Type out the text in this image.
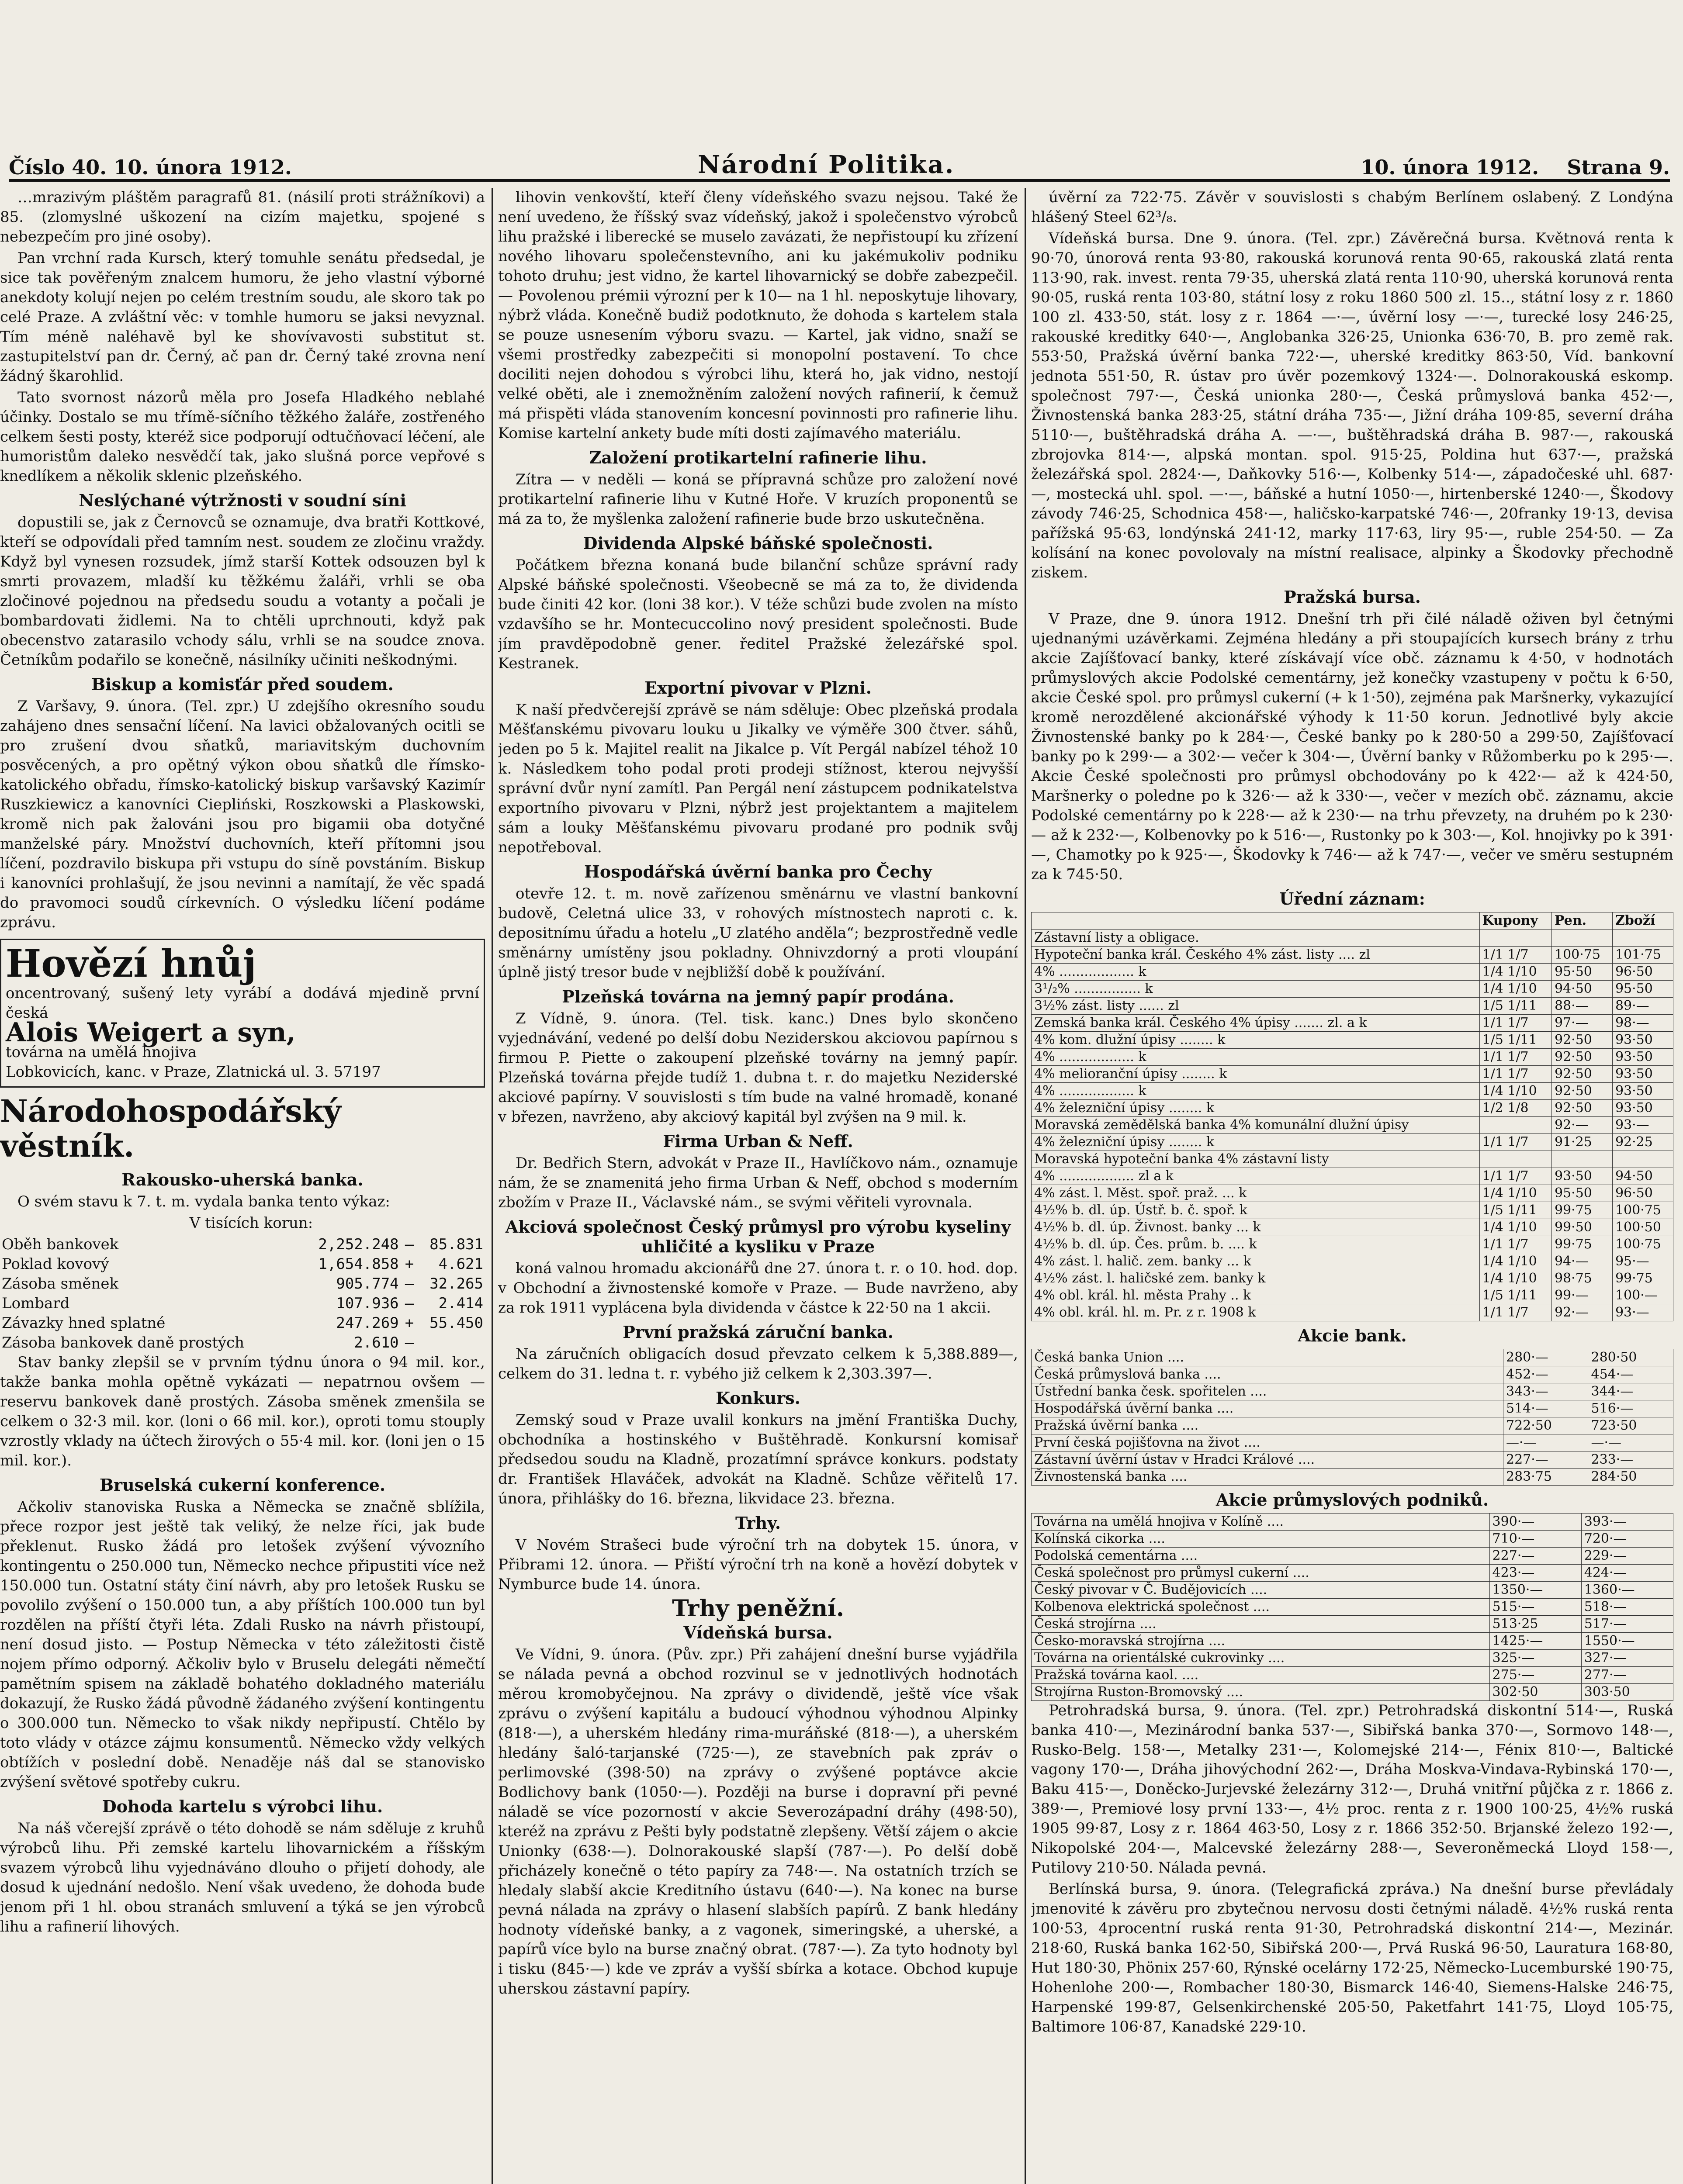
Číslo 40. 10. února 1912.	Národní Politika.	10. února 1912. Strana 9.

…mrazivým pláštěm paragrafů 81. (násilí proti strážníkovi) a 85. (zlomyslné uškození na cizím majetku, spojené s nebezpečím pro jiné osoby).

Pan vrchní rada Kursch, který tomuhle senátu předsedal, je sice tak pověřeným znalcem humoru, že jeho vlastní výborné anekdoty kolují nejen po celém trestním soudu, ale skoro tak po celé Praze. A zvláštní věc: v tomhle humoru se jaksi nevyznal. Tím méně naléhavě byl ke shovívavosti substitut st. zastupitelství pan dr. Černý, ač pan dr. Černý také zrovna není žádný škarohlid.

Tato svornost názorů měla pro Josefa Hladkého neblahé účinky. Dostalo se mu třímě-síčního těžkého žaláře, zostřeného celkem šesti posty, kteréž sice podporují odtučňovací léčení, ale humoristům daleko nesvědčí tak, jako slušná porce vepřové s knedlíkem a několik sklenic plzeňského.

Neslýchané výtržnosti v soudní síni

dopustili se, jak z Černovců se oznamuje, dva bratři Kottkové, kteří se odpovídali před tamním nest. soudem ze zločinu vraždy. Když byl vynesen rozsudek, jímž starší Kottek odsouzen byl k smrti provazem, mladší ku těžkému žaláři, vrhli se oba zločinové pojednou na předsedu soudu a votanty a počali je bombardovati židlemi. Na to chtěli uprchnouti, když pak obecenstvo zatarasilo vchody sálu, vrhli se na soudce znova. Četníkům podařilo se konečně, násilníky učiniti neškodnými.

Biskup a komisťár před soudem.

Z Varšavy, 9. února. (Tel. zpr.) U zdejšího okresního soudu zahájeno dnes sensační líčení. Na lavici obžalovaných ocitli se pro zrušení dvou sňatků, mariavitským duchovním posvěcených, a pro opětný výkon obou sňatků dle římsko-katolického obřadu, římsko-katolický biskup varšavský Kazimír Ruszkiewicz a kanovníci Ciepliński, Roszkowski a Plaskowski, kromě nich pak žalováni jsou pro bigamii oba dotyčné manželské páry. Množství duchovních, kteří přítomni jsou líčení, pozdravilo biskupa při vstupu do síně povstáním. Biskup i kanovníci prohlašují, že jsou nevinni a namítají, že věc spadá do pravomoci soudů církevních. O výsledku líčení podáme zprávu.

Hovězí hnůj
oncentrovaný, sušený lety vyrábí a dodává mjedině první česká
Alois Weigert a syn,
továrna na umělá hnojiva
Lobkovicích, kanc. v Praze, Zlatnická ul. 3. 57197

Národohospodářský věstník.

Rakousko-uherská banka.

O svém stavu k 7. t. m. vydala banka tento výkaz:

V tisících korun:

Oběh bankovek	2,252.248	—	85.831
Poklad kovový	1,654.858	+	4.621
Zásoba směnek	905.774	—	32.265
Lombard	107.936	—	2.414
Závazky hned splatné	247.269	+	55.450
Zásoba bankovek daně prostých	2.610	—	

Stav banky zlepšil se v prvním týdnu února o 94 mil. kor., takže banka mohla opětně vykázati — nepatrnou ovšem — reservu bankovek daně prostých. Zásoba směnek zmenšila se celkem o 32·3 mil. kor. (loni o 66 mil. kor.), oproti tomu stouply vzrostly vklady na účtech žirových o 55·4 mil. kor. (loni jen o 15 mil. kor.).

Bruselská cukerní konference.

Ačkoliv stanoviska Ruska a Německa se značně sblížila, přece rozpor jest ještě tak veliký, že nelze říci, jak bude překlenut. Rusko žádá pro letošek zvýšení vývozního kontingentu o 250.000 tun, Německo nechce připustiti více než 150.000 tun. Ostatní státy činí návrh, aby pro letošek Rusku se povolilo zvýšení o 150.000 tun, a aby příštích 100.000 tun byl rozdělen na příští čtyři léta. Zdali Rusko na návrh přistoupí, není dosud jisto. — Postup Německa v této záležitosti čistě nojem přímo odporný. Ačkoliv bylo v Bruselu delegáti němečtí pamětním spisem na základě bohatého dokladného materiálu dokazují, že Rusko žádá původně žádaného zvýšení kontingentu o 300.000 tun. Německo to však nikdy nepřipustí. Chtělo by toto vlády v otázce zájmu konsumentů. Německo vždy velkých obtížích v poslední době. Nenaděje náš dal se stanovisko zvýšení světové spotřeby cukru.

Dohoda kartelu s výrobci lihu.

Na náš včerejší zprávě o této dohodě se nám sděluje z kruhů výrobců lihu. Při zemské kartelu lihovarnickém a říšským svazem výrobců lihu vyjednáváno dlouho o přijetí dohody, ale dosud k ujednání nedošlo. Není však uvedeno, že dohoda bude jenom při 1 hl. obou stranách smluvení a týká se jen výrobců lihu a rafinerií lihových.

lihovin venkovští, kteří členy vídeňského svazu nejsou. Také že není uvedeno, že říšský svaz vídeňský, jakož i společenstvo výrobců lihu pražské i liberecké se muselo zavázati, že nepřistoupí ku zřízení nového lihovaru společenstevního, ani ku jakémukoliv podniku tohoto druhu; jest vidno, že kartel lihovarnický se dobře zabezpečil. — Povolenou prémii výrozní per k 10— na 1 hl. neposkytuje lihovary, nýbrž vláda. Konečně budiž podotknuto, že dohoda s kartelem stala se pouze usnesením výboru svazu. — Kartel, jak vidno, snaží se všemi prostředky zabezpečiti si monopolní postavení. To chce dociliti nejen dohodou s výrobci lihu, která ho, jak vidno, nestojí velké oběti, ale i znemožněním založení nových rafinerií, k čemuž má přispěti vláda stanovením koncesní povinnosti pro rafinerie lihu. Komise kartelní ankety bude míti dosti zajímavého materiálu.

Založení protikartelní rafinerie lihu.

Zítra — v neděli — koná se přípravná schůze pro založení nové protikartelní rafinerie lihu v Kutné Hoře. V kruzích proponentů se má za to, že myšlenka založení rafinerie bude brzo uskutečněna.

Dividenda Alpské báňské společnosti.

Počátkem března konaná bude bilanční schůze správní rady Alpské báňské společnosti. Všeobecně se má za to, že dividenda bude činiti 42 kor. (loni 38 kor.). V téže schůzi bude zvolen na místo vzdavšího se hr. Montecuccolino nový president společnosti. Bude jím pravděpodobně gener. ředitel Pražské železářské spol. Kestranek.

Exportní pivovar v Plzni.

K naší předvčerejší zprávě se nám sděluje: Obec plzeňská prodala Měšťanskému pivovaru louku u Jikalky ve výměře 300 čtver. sáhů, jeden po 5 k. Majitel realit na Jikalce p. Vít Pergál nabízel téhož 10 k. Následkem toho podal proti prodeji stížnost, kterou nejvyšší správní dvůr nyní zamítl. Pan Pergál není zástupcem podnikatelstva exportního pivovaru v Plzni, nýbrž jest projektantem a majitelem sám a louky Měšťanskému pivovaru prodané pro podnik svůj nepotřeboval.

Hospodářská úvěrní banka pro Čechy

otevře 12. t. m. nově zařízenou směnárnu ve vlastní bankovní budově, Celetná ulice 33, v rohových místnostech naproti c. k. depositnímu úřadu a hotelu „U zlatého anděla“; bezprostředně vedle směnárny umístěny jsou pokladny. Ohnivzdorný a proti vloupání úplně jistý tresor bude v nejbližší době k používání.

Plzeňská továrna na jemný papír prodána.

Z Vídně, 9. února. (Tel. tisk. kanc.) Dnes bylo skončeno vyjednávání, vedené po delší dobu Neziderskou akciovou papírnou s firmou P. Piette o zakoupení plzeňské továrny na jemný papír. Plzeňská továrna přejde tudíž 1. dubna t. r. do majetku Neziderské akciové papírny. V souvislosti s tím bude na valné hromadě, konané v březen, navrženo, aby akciový kapitál byl zvýšen na 9 mil. k.

Firma Urban & Neff.

Dr. Bedřich Stern, advokát v Praze II., Havlíčkovo nám., oznamuje nám, že se znamenitá jeho firma Urban & Neff, obchod s moderním zbožím v Praze II., Václavské nám., se svými věřiteli vyrovnala.

Akciová společnost Český průmysl pro výrobu kyseliny uhličité a kysliku v Praze

koná valnou hromadu akcionářů dne 27. února t. r. o 10. hod. dop. v Obchodní a živnostenské komoře v Praze. — Bude navrženo, aby za rok 1911 vyplácena byla dividenda v částce k 22·50 na 1 akcii.

První pražská záruční banka.

Na záručních obligacích dosud převzato celkem k 5,388.889—, celkem do 31. ledna t. r. vybého již celkem k 2,303.397—.

Konkurs.

Zemský soud v Praze uvalil konkurs na jmění Františka Duchy, obchodníka a hostinského v Buštěhradě. Konkursní komisař předsedou soudu na Kladně, prozatímní správce konkurs. podstaty dr. František Hlaváček, advokát na Kladně. Schůze věřitelů 17. února, přihlášky do 16. března, likvidace 23. března.

Trhy.

V Novém Strašeci bude výroční trh na dobytek 15. února, v Přibrami 12. února. — Přiští výroční trh na koně a hovězí dobytek v Nymburce bude 14. února.

Trhy peněžní.

Vídeňská bursa.

Ve Vídni, 9. února. (Pův. zpr.) Při zahájení dnešní burse vyjádřila se nálada pevná a obchod rozvinul se v jednotlivých hodnotách měrou kromobyčejnou. Na zprávy o dividendě, ještě více však zprávu o zvýšení kapitálu a budoucí výhodnou výhodnou Alpinky (818·—), a uherském hledány rima-muráňské (818·—), a uherském hledány šaló-tarjanské (725·—), ze stavebních pak zpráv o perlimovské (398·50) na zprávy o zvýšené poptávce akcie Bodlichovy bank (1050·—). Později na burse i dopravní při pevné náladě se více pozorností v akcie Severozápadní dráhy (498·50), kteréž na zprávu z Pešti byly podstatně zlepšeny. Větší zájem o akcie Unionky (638·—). Dolnorakouské slapší (787·—). Po delší době přicházely konečně o této papíry za 748·—. Na ostatních trzích se hledaly slabší akcie Kreditního ústavu (640·—). Na konec na burse pevná nálada na zprávy o hlasení slabších papírů. Z bank hledány hodnoty vídeňské banky, a z vagonek, simeringské, a uherské, a papírů více bylo na burse značný obrat. (787·—). Za tyto hodnoty byl i tisku (845·—) kde ve zpráv a vyšší sbírka a kotace. Obchod kupuje uherskou zástavní papíry.

úvěrní za 722·75. Závěr v souvislosti s chabým Berlínem oslabený. Z Londýna hlášený Steel 62³/₈.

Vídeňská bursa. Dne 9. února. (Tel. zpr.) Závěrečná bursa. Květnová renta k 90·70, únorová renta 93·80, rakouská korunová renta 90·65, rakouská zlatá renta 113·90, rak. invest. renta 79·35, uherská zlatá renta 110·90, uherská korunová renta 90·05, ruská renta 103·80, státní losy z roku 1860 500 zl. 15.., státní losy z r. 1860 100 zl. 433·50, stát. losy z r. 1864 —·—, úvěrní losy —·—, turecké losy 246·25, rakouské kreditky 640·—, Anglobanka 326·25, Unionka 636·70, B. pro země rak. 553·50, Pražská úvěrní banka 722·—, uherské kreditky 863·50, Víd. bankovní jednota 551·50, R. ústav pro úvěr pozemkový 1324·—. Dolnorakouská eskomp. společnost 797·—, Česká unionka 280·—, Česká průmyslová banka 452·—, Živnostenská banka 283·25, státní dráha 735·—, Jižní dráha 109·85, severní dráha 5110·—, buštěhradská dráha A. —·—, buštěhradská dráha B. 987·—, rakouská zbrojovka 814·—, alpská montan. spol. 915·25, Poldina hut 637·—, pražská železářská spol. 2824·—, Daňkovky 516·—, Kolbenky 514·—, západočeské uhl. 687·—, mostecká uhl. spol. —·—, báňské a hutní 1050·—, hirtenberské 1240·—, Škodovy závody 746·25, Schodnica 458·—, haličsko-karpatské 746·—, 20franky 19·13, devisa pařížská 95·63, londýnská 241·12, marky 117·63, liry 95·—, ruble 254·50. — Za kolísání na konec povolovaly na místní realisace, alpinky a Škodovky přechodně ziskem.

Pražská bursa.

V Praze, dne 9. února 1912. Dnešní trh při čilé náladě oživen byl četnými ujednanými uzávěrkami. Zejména hledány a při stoupajících kursech brány z trhu akcie Zajíšťovací banky, které získávají více obč. záznamu k 4·50, v hodnotách průmyslových akcie Podolské cementárny, jež konečky vzastupeny v počtu k 6·50, akcie České spol. pro průmysl cukerní (+ k 1·50), zejména pak Maršnerky, vykazující kromě nerozdělené akcionářské výhody k 11·50 korun. Jednotlivé byly akcie Živnostenské banky po k 284·—, České banky po k 280·50 a 299·50, Zajíšťovací banky po k 299·— a 302·— večer k 304·—, Úvěrní banky v Růžomberku po k 295·—. Akcie České společnosti pro průmysl obchodovány po k 422·— až k 424·50, Maršnerky o poledne po k 326·— až k 330·—, večer v mezích obč. záznamu, akcie Podolské cementárny po k 228·— až k 230·— na trhu převzety, na druhém po k 230·— až k 232·—, Kolbenovky po k 516·—, Rustonky po k 303·—, Kol. hnojivky po k 391·—, Chamotky po k 925·—, Škodovky k 746·— až k 747·—, večer ve směru sestupném za k 745·50.

Úřední záznam:

	Kupony	Pen.	Zboží
Zástavní listy a obligace.			
Hypoteční banka král. Českého 4% zást. listy .... zl	1/1 1/7	100·75	101·75
4% .................. k	1/4 1/10	95·50	96·50
3¹/₂% ................ k	1/4 1/10	94·50	95·50
3½% zást. listy ...... zl	1/5 1/11	88·—	89·—
Zemská banka král. Českého 4% úpisy ....... zl. a k	1/1 1/7	97·—	98·—
4% kom. dlužní úpisy ........ k	1/5 1/11	92·50	93·50
4% .................. k	1/1 1/7	92·50	93·50
4% melioranční úpisy ........ k	1/1 1/7	92·50	93·50
4% .................. k	1/4 1/10	92·50	93·50
4% železniční úpisy ........ k	1/2 1/8	92·50	93·50
Moravská zemědělská banka 4% komunální dlužní úpisy		92·—	93·—
4% železniční úpisy ........ k	1/1 1/7	91·25	92·25
Moravská hypoteční banka 4% zástavní listy			
4% .................. zl a k	1/1 1/7	93·50	94·50
4% zást. l. Měst. spoř. praž. ... k	1/4 1/10	95·50	96·50
4½% b. dl. úp. Ústř. b. č. spoř. k	1/5 1/11	99·75	100·75
4½% b. dl. úp. Živnost. banky ... k	1/4 1/10	99·50	100·50
4½% b. dl. úp. Čes. prům. b. .... k	1/1 1/7	99·75	100·75
4% zást. l. halič. zem. banky ... k	1/4 1/10	94·—	95·—
4½% zást. l. haličské zem. banky k	1/4 1/10	98·75	99·75
4% obl. král. hl. města Prahy .. k	1/5 1/11	99·—	100·—
4% obl. král. hl. m. Pr. z r. 1908 k	1/1 1/7	92·—	93·—

Akcie bank.

Česká banka Union ....	280·—	280·50
Česká průmyslová banka ....	452·—	454·—
Ústřední banka česk. spořitelen ....	343·—	344·—
Hospodářská úvěrní banka ....	514·—	516·—
Pražská úvěrní banka ....	722·50	723·50
První česká pojišťovna na život ....	—·—	—·—
Zástavní úvěrní ústav v Hradci Králové ....	227·—	233·—
Živnostenská banka ....	283·75	284·50

Akcie průmyslových podniků.

Továrna na umělá hnojiva v Kolíně ....	390·—	393·—
Kolínská cikorka ....	710·—	720·—
Podolská cementárna ....	227·—	229·—
Česká společnost pro průmysl cukerní ....	423·—	424·—
Český pivovar v Č. Budějovicích ....	1350·—	1360·—
Kolbenova elektrická společnost ....	515·—	518·—
Česká strojírna ....	513·25	517·—
Česko-moravská strojírna ....	1425·—	1550·—
Továrna na orientálské cukrovinky ....	325·—	327·—
Pražská továrna kaol. ....	275·—	277·—
Strojírna Ruston-Bromovský ....	302·50	303·50

Petrohradská bursa, 9. února. (Tel. zpr.) Petrohradská diskontní 514·—, Ruská banka 410·—, Mezinárodní banka 537·—, Sibiřská banka 370·—, Sormovo 148·—, Rusko-Belg. 158·—, Metalky 231·—, Kolomejské 214·—, Fénix 810·—, Baltické vagony 170·—, Dráha jihovýchodní 262·—, Dráha Moskva-Vindava-Rybinská 170·—, Baku 415·—, Doněcko-Jurjevské železárny 312·—, Druhá vnitřní půjčka z r. 1866 z. 389·—, Premiové losy první 133·—, 4½ proc. renta z r. 1900 100·25, 4½% ruská 1905 99·87, Losy z r. 1864 463·50, Losy z r. 1866 352·50. Brjanské železo 192·—, Nikopolské 204·—, Malcevské železárny 288·—, Severoněmecká Lloyd 158·—, Putilovy 210·50. Nálada pevná.

Berlínská bursa, 9. února. (Telegrafická zpráva.) Na dnešní burse převládaly jmenovité k závěru pro zbytečnou nervosu dosti četnými náladě. 4½% ruská renta 100·53, 4procentní ruská renta 91·30, Petrohradská diskontní 214·—, Mezinár. 218·60, Ruská banka 162·50, Sibiřská 200·—, Prvá Ruská 96·50, Lauratura 168·80, Hut 180·30, Phönix 257·60, Rýnské ocelárny 172·25, Německo-Lucemburské 190·75, Hohenlohe 200·—, Rombacher 180·30, Bismarck 146·40, Siemens-Halske 246·75, Harpenské 199·87, Gelsenkirchenské 205·50, Paketfahrt 141·75, Lloyd 105·75, Baltimore 106·87, Kanadské 229·10.
